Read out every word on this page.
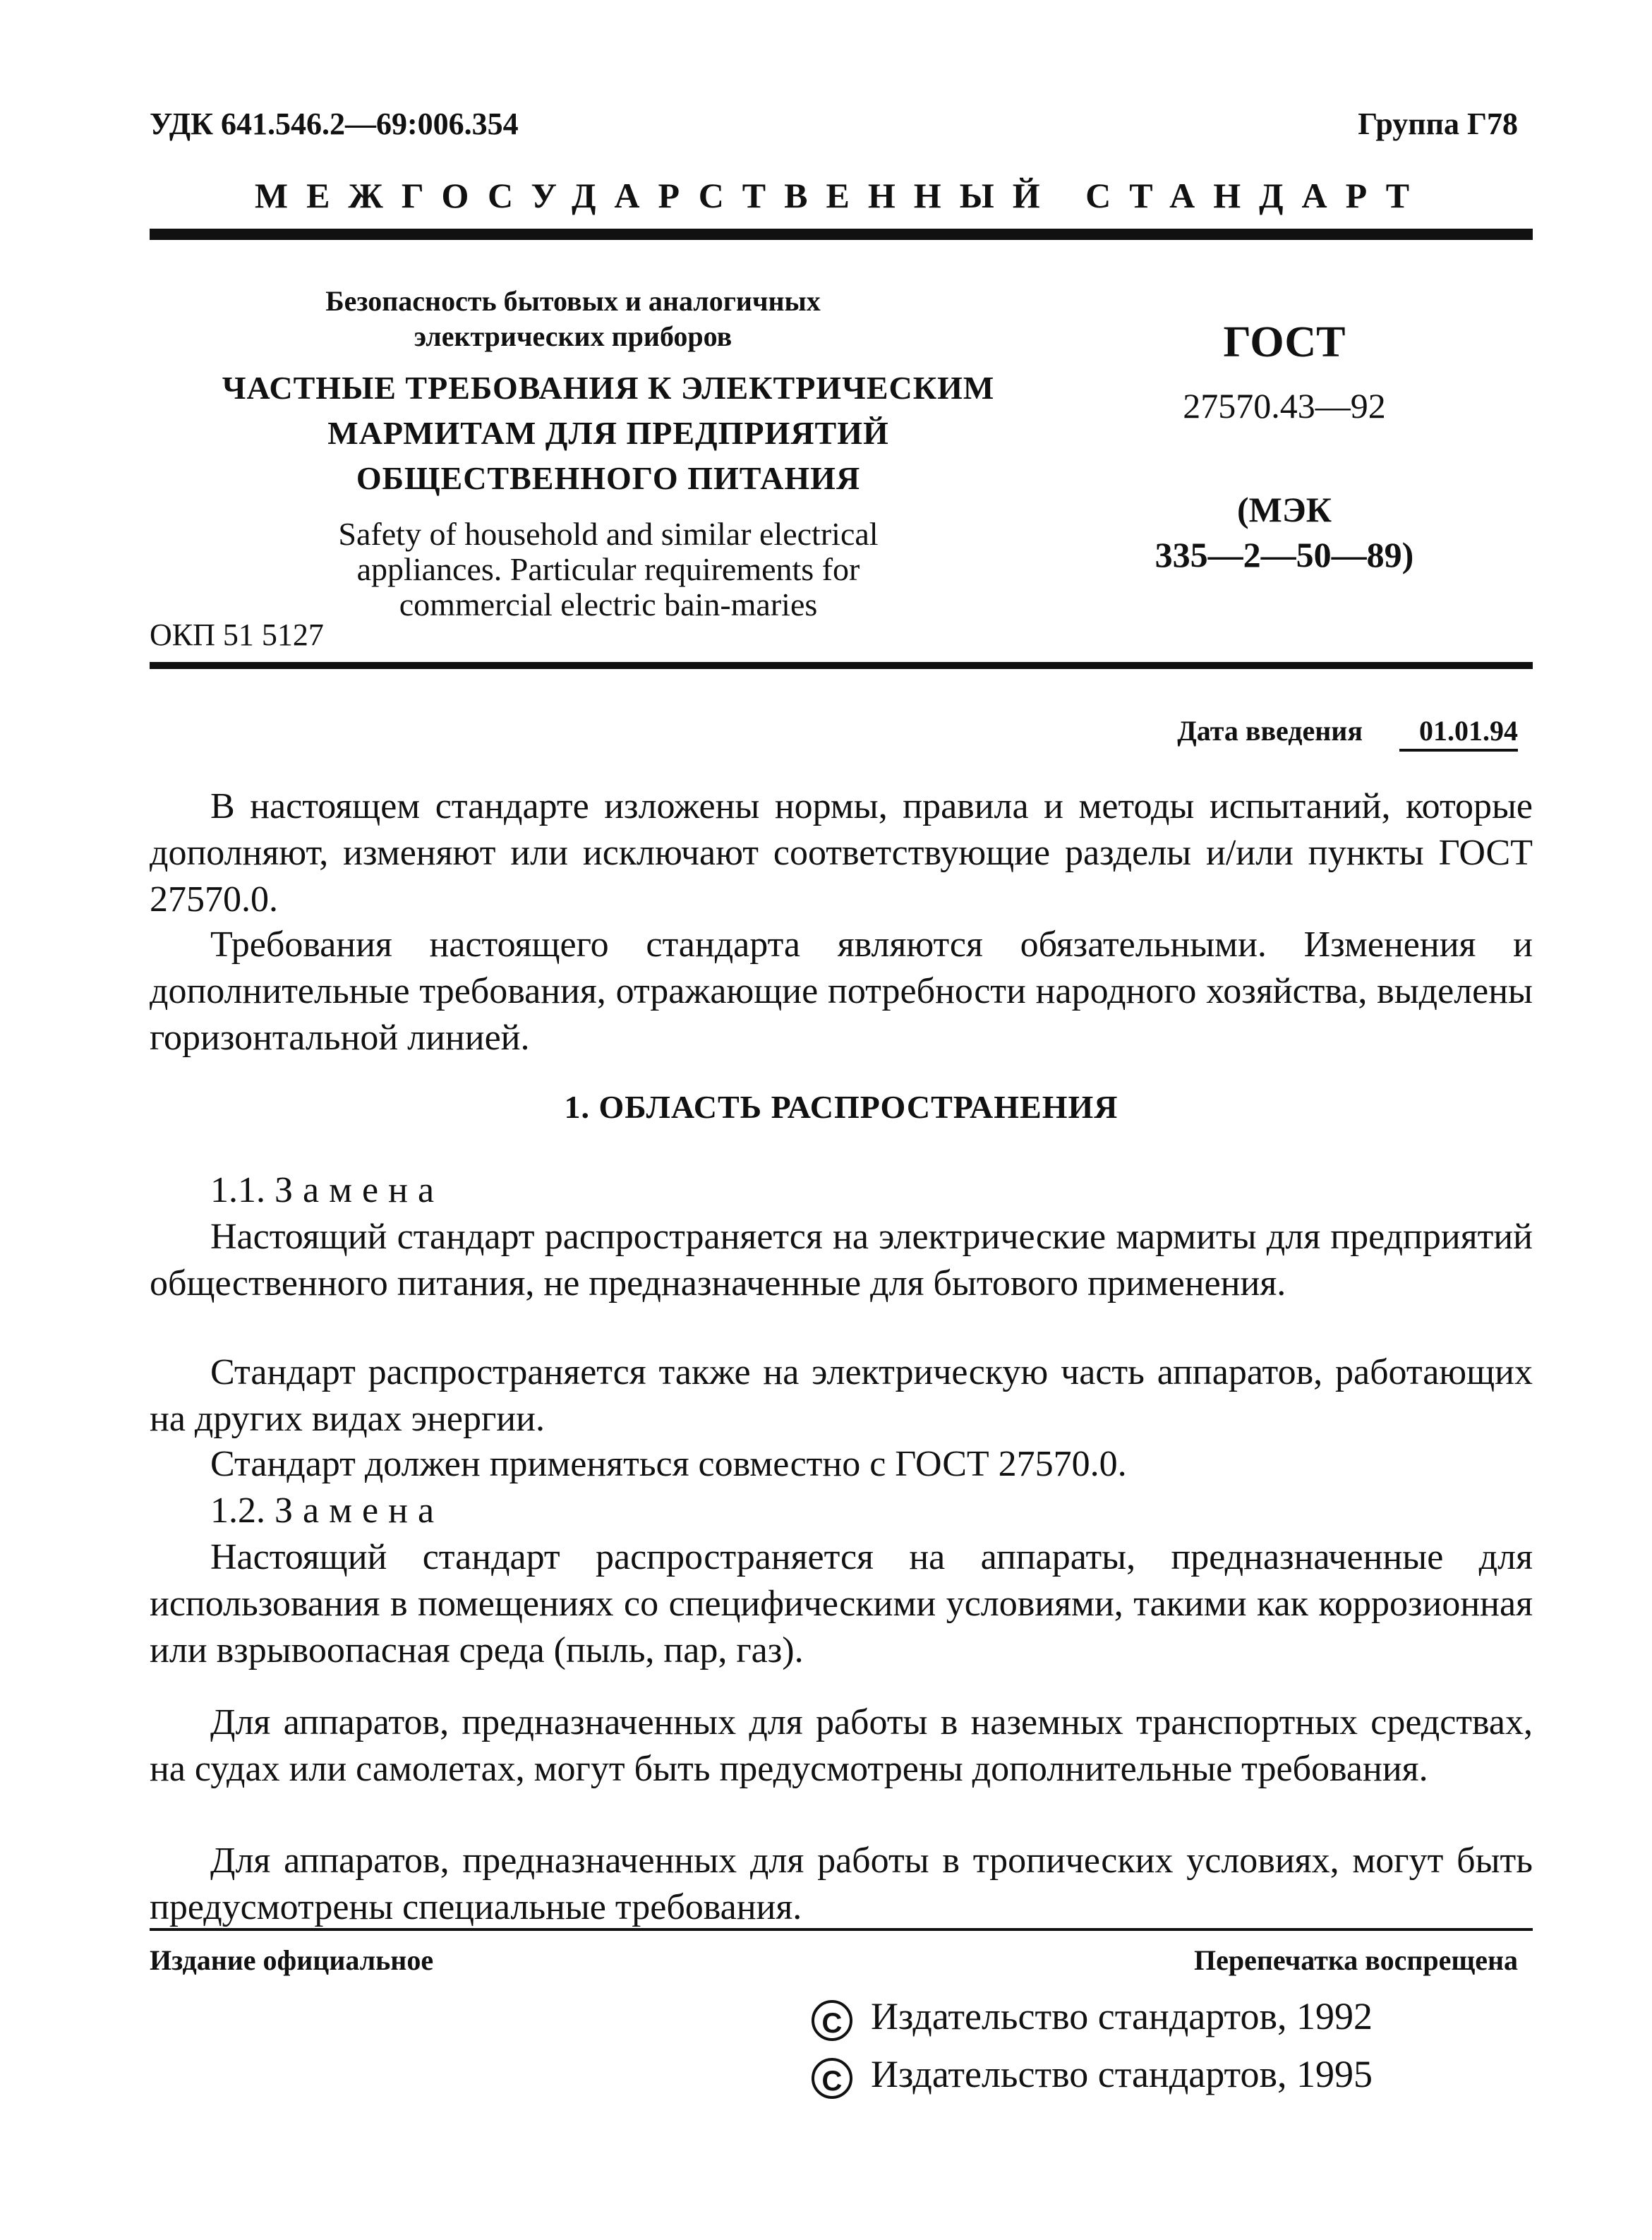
УДК 641.546.2—69:006.354	Группа Г78
МЕЖГОСУДАРСТВЕННЫЙ СТАНДАРТ
Безопасность бытовых и аналогичных
электрических приборов
ЧАСТНЫЕ ТРЕБОВАНИЯ К ЭЛЕКТРИЧЕСКИМ
МАРМИТАМ ДЛЯ ПРЕДПРИЯТИЙ
ОБЩЕСТВЕННОГО ПИТАНИЯ
Safety of household and similar electrical
appliances. Particular requirements for
commercial electric bain-maries
ОКП 51 5127
ГОСТ
27570.43—92
(МЭК
335—2—50—89)
Дата введения 01.01.94

В настоящем стандарте изложены нормы, правила и методы испытаний, которые дополняют, изменяют или исключают соответствующие разделы и/или пункты ГОСТ 27570.0.

Требования настоящего стандарта являются обязательными. Изменения и дополнительные требования, отражающие потребности народного хозяйства, выделены горизонтальной линией.

1. ОБЛАСТЬ РАСПРОСТРАНЕНИЯ
1.1. Замена

Настоящий стандарт распространяется на электрические мармиты для предприятий общественного питания, не предназначенные для бытового применения.

Стандарт распространяется также на электрическую часть аппаратов, работающих на других видах энергии.

Стандарт должен применяться совместно с ГОСТ 27570.0.

1.2. Замена

Настоящий стандарт распространяется на аппараты, предназначенные для использования в помещениях со специфическими условиями, такими как коррозионная или взрывоопасная среда (пыль, пар, газ).

Для аппаратов, предназначенных для работы в наземных транспортных средствах, на судах или самолетах, могут быть предусмотрены дополнительные требования.

Для аппаратов, предназначенных для работы в тропических условиях, могут быть предусмотрены специальные требования.

Издание официальное	Перепечатка воспрещена
C Издательство стандартов, 1992
C Издательство стандартов, 1995
